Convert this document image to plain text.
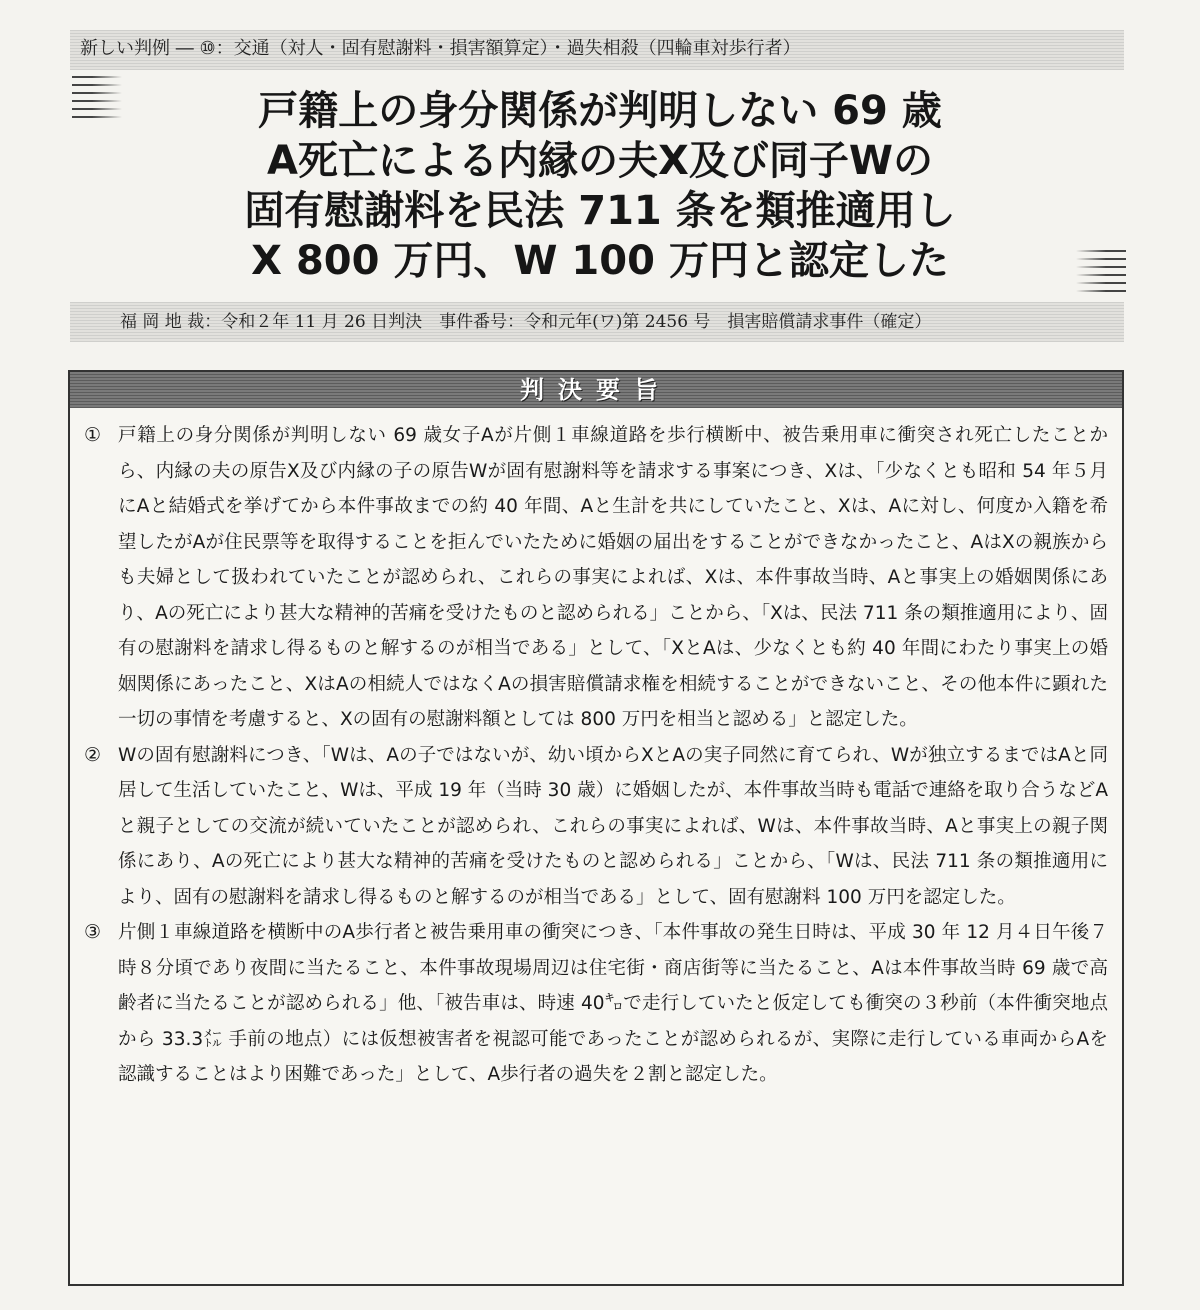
新しい判例 ― ⑩：交通（対人・固有慰謝料・損害額算定）・過失相殺（四輪車対歩行者）
戸籍上の身分関係が判明しない 69 歳
A死亡による内縁の夫X及び同子Wの
固有慰謝料を民法 711 条を類推適用し
X 800 万円、W 100 万円と認定した
福 岡 地 裁：令和２年 11 月 26 日判決　事件番号：令和元年(ワ)第 2456 号　損害賠償請求事件（確定）
判決要旨
① 戸籍上の身分関係が判明しない 69 歳女子Aが片側１車線道路を歩行横断中、被告乗用車に衝突され死亡したことから、内縁の夫の原告X及び内縁の子の原告Wが固有慰謝料等を請求する事案につき、Xは、「少なくとも昭和 54 年５月にAと結婚式を挙げてから本件事故までの約 40 年間、Aと生計を共にしていたこと、Xは、Aに対し、何度か入籍を希望したがAが住民票等を取得することを拒んでいたために婚姻の届出をすることができなかったこと、AはXの親族からも夫婦として扱われていたことが認められ、これらの事実によれば、Xは、本件事故当時、Aと事実上の婚姻関係にあり、Aの死亡により甚大な精神的苦痛を受けたものと認められる」ことから、「Xは、民法 711 条の類推適用により、固有の慰謝料を請求し得るものと解するのが相当である」として、「XとAは、少なくとも約 40 年間にわたり事実上の婚姻関係にあったこと、XはAの相続人ではなくAの損害賠償請求権を相続することができないこと、その他本件に顕れた一切の事情を考慮すると、Xの固有の慰謝料額としては 800 万円を相当と認める」と認定した。
② Wの固有慰謝料につき、「Wは、Aの子ではないが、幼い頃からXとAの実子同然に育てられ、Wが独立するまではAと同居して生活していたこと、Wは、平成 19 年（当時 30 歳）に婚姻したが、本件事故当時も電話で連絡を取り合うなどAと親子としての交流が続いていたことが認められ、これらの事実によれば、Wは、本件事故当時、Aと事実上の親子関係にあり、Aの死亡により甚大な精神的苦痛を受けたものと認められる」ことから、「Wは、民法 711 条の類推適用により、固有の慰謝料を請求し得るものと解するのが相当である」として、固有慰謝料 100 万円を認定した。
③ 片側１車線道路を横断中のA歩行者と被告乗用車の衝突につき、「本件事故の発生日時は、平成 30 年 12 月４日午後７時８分頃であり夜間に当たること、本件事故現場周辺は住宅街・商店街等に当たること、Aは本件事故当時 69 歳で高齢者に当たることが認められる」他、「被告車は、時速 40㌔で走行していたと仮定しても衝突の３秒前（本件衝突地点から 33.3㍍ 手前の地点）には仮想被害者を視認可能であったことが認められるが、実際に走行している車両からAを認識することはより困難であった」として、A歩行者の過失を２割と認定した。
